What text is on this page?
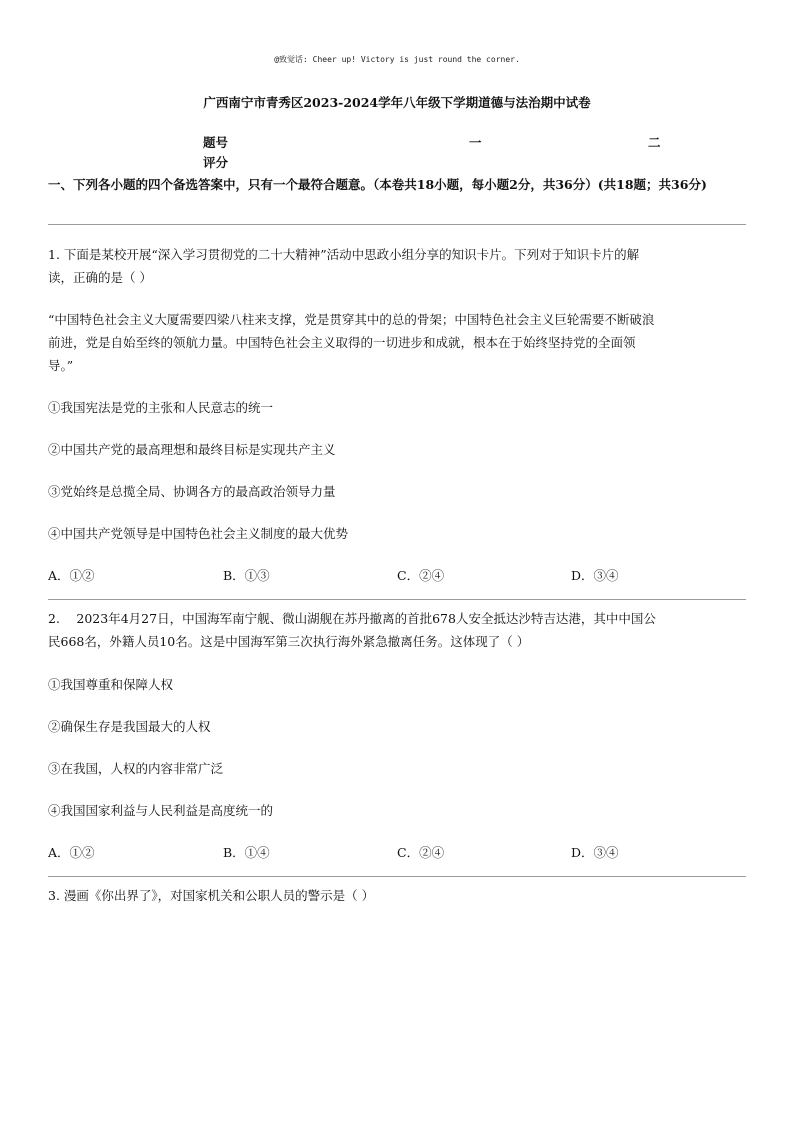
@致觉话: Cheer up! Victory is just round the corner.
广西南宁市青秀区2023-2024学年八年级下学期道德与法治期中试卷
题号	一	二
评分
一、下列各小题的四个备选答案中，只有一个最符合题意。（本卷共18小题，每小题2分，共36分）(共18题；共36分)
1. 下面是某校开展“深入学习贯彻党的二十大精神”活动中思政小组分享的知识卡片。下列对于知识卡片的解
读，正确的是（ ）
“中国特色社会主义大厦需要四梁八柱来支撑，党是贯穿其中的总的骨架；中国特色社会主义巨轮需要不断破浪
前进，党是自始至终的领航力量。中国特色社会主义取得的一切进步和成就，根本在于始终坚持党的全面领
导。”
①我国宪法是党的主张和人民意志的统一
②中国共产党的最高理想和最终目标是实现共产主义
③党始终是总揽全局、协调各方的最高政治领导力量
④中国共产党领导是中国特色社会主义制度的最大优势
A．①②	B．①③	C．②④	D．③④
2.　 2023年4月27日，中国海军南宁舰、微山湖舰在苏丹撤离的首批678人安全抵达沙特吉达港，其中中国公
民668名，外籍人员10名。这是中国海军第三次执行海外紧急撤离任务。这体现了（ ）
①我国尊重和保障人权
②确保生存是我国最大的人权
③在我国，人权的内容非常广泛
④我国国家利益与人民利益是高度统一的
A．①②	B．①④	C．②④	D．③④
3. 漫画《你出界了》，对国家机关和公职人员的警示是（ ）
